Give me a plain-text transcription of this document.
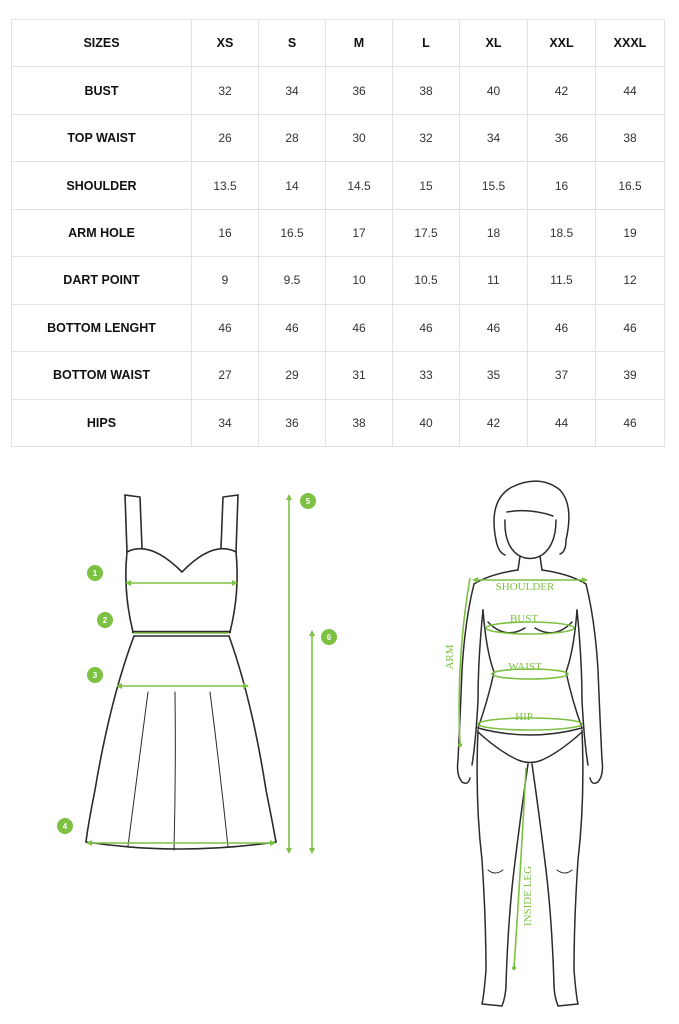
SIZES	XS	S	M	L	XL	XXL	XXXL
BUST	32	34	36	38	40	42	44
TOP WAIST	26	28	30	32	34	36	38
SHOULDER	13.5	14	14.5	15	15.5	16	16.5
ARM HOLE	16	16.5	17	17.5	18	18.5	19
DART POINT	9	9.5	10	10.5	11	11.5	12
BOTTOM LENGHT	46	46	46	46	46	46	46
BOTTOM WAIST	27	29	31	33	35	37	39
HIPS	34	36	38	40	42	44	46
1
2
3
4
5
6
SHOULDER
BUST
WAIST
HIP
ARM
INSIDE LEG
